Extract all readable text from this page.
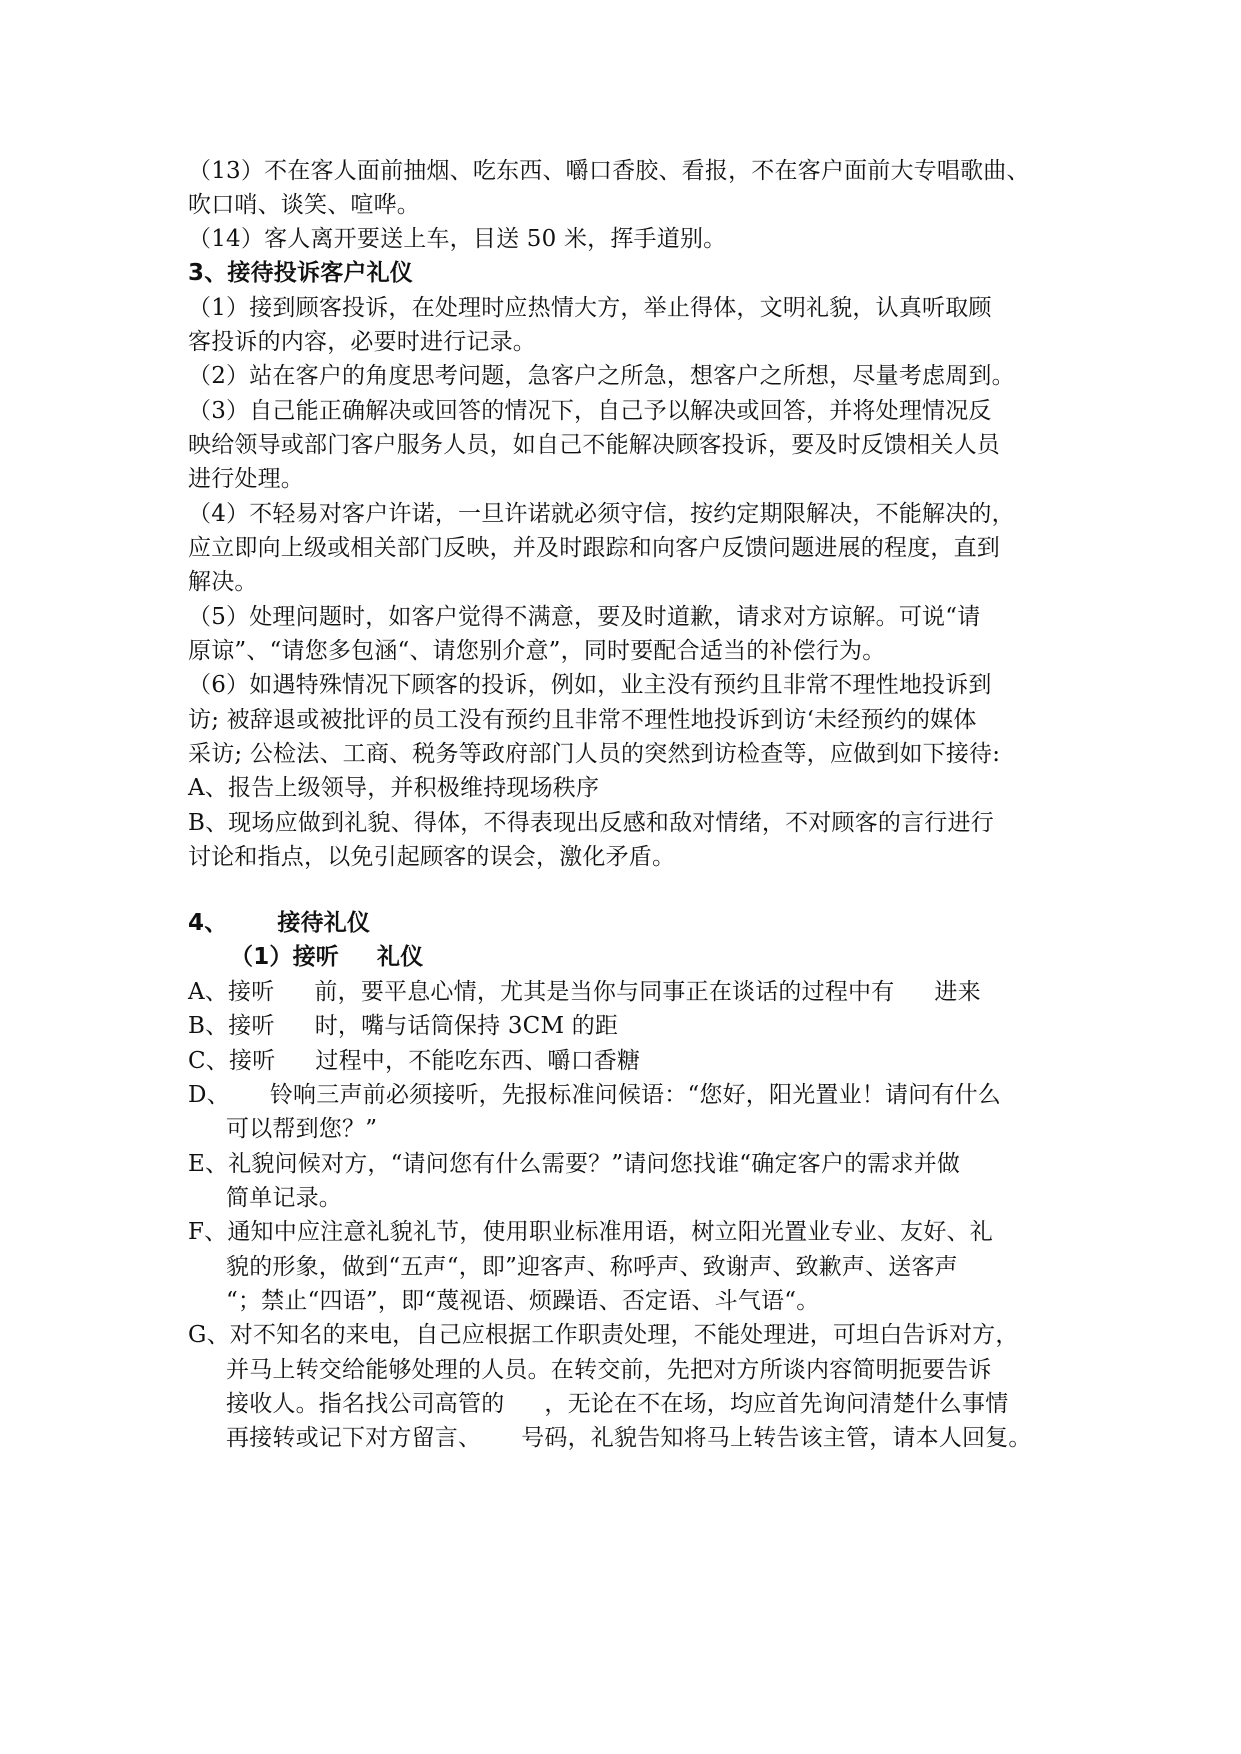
（13）不在客人面前抽烟、吃东西、嚼口香胶、看报，不在客户面前大专唱歌曲、
吹口哨、谈笑、喧哗。
（14）客人离开要送上车，目送 50 米，挥手道别。
3、接待投诉客户礼仪
（1）接到顾客投诉，在处理时应热情大方，举止得体，文明礼貌，认真听取顾
客投诉的内容，必要时进行记录。
（2）站在客户的角度思考问题，急客户之所急，想客户之所想，尽量考虑周到。
（3）自己能正确解决或回答的情况下，自己予以解决或回答，并将处理情况反
映给领导或部门客户服务人员，如自己不能解决顾客投诉，要及时反馈相关人员
进行处理。
（4）不轻易对客户许诺，一旦许诺就必须守信，按约定期限解决，不能解决的，
应立即向上级或相关部门反映，并及时跟踪和向客户反馈问题进展的程度，直到
解决。
（5）处理问题时，如客户觉得不满意，要及时道歉，请求对方谅解。可说“请
原谅”、“请您多包涵“、请您别介意”，同时要配合适当的补偿行为。
（6）如遇特殊情况下顾客的投诉，例如，业主没有预约且非常不理性地投诉到
访; 被辞退或被批评的员工没有预约且非常不理性地投诉到访‘未经预约的媒体
采访; 公检法、工商、税务等政府部门人员的突然到访检查等，应做到如下接待:
A、报告上级领导，并积极维持现场秩序
B、现场应做到礼貌、得体，不得表现出反感和敌对情绪，不对顾客的言行进行
讨论和指点，以免引起顾客的误会，激化矛盾。
4、 接待礼仪
（1）接听 礼仪
A、接听 前，要平息心情，尤其是当你与同事正在谈话的过程中有 进来
B、接听 时，嘴与话筒保持 3CM 的距
C、接听 过程中，不能吃东西、嚼口香糖
D、 铃响三声前必须接听，先报标准问候语：“您好，阳光置业！请问有什么
可以帮到您？”
E、礼貌问候对方，“请问您有什么需要？”请问您找谁“确定客户的需求并做
简单记录。
F、通知中应注意礼貌礼节，使用职业标准用语，树立阳光置业专业、友好、礼
貌的形象，做到“五声“，即”迎客声、称呼声、致谢声、致歉声、送客声
“；禁止“四语”，即“蔑视语、烦躁语、否定语、斗气语“。
G、对不知名的来电，自己应根据工作职责处理，不能处理进，可坦白告诉对方，
并马上转交给能够处理的人员。在转交前，先把对方所谈内容简明扼要告诉
接收人。指名找公司高管的 ，无论在不在场，均应首先询问清楚什么事情
再接转或记下对方留言、 号码，礼貌告知将马上转告该主管，请本人回复。
